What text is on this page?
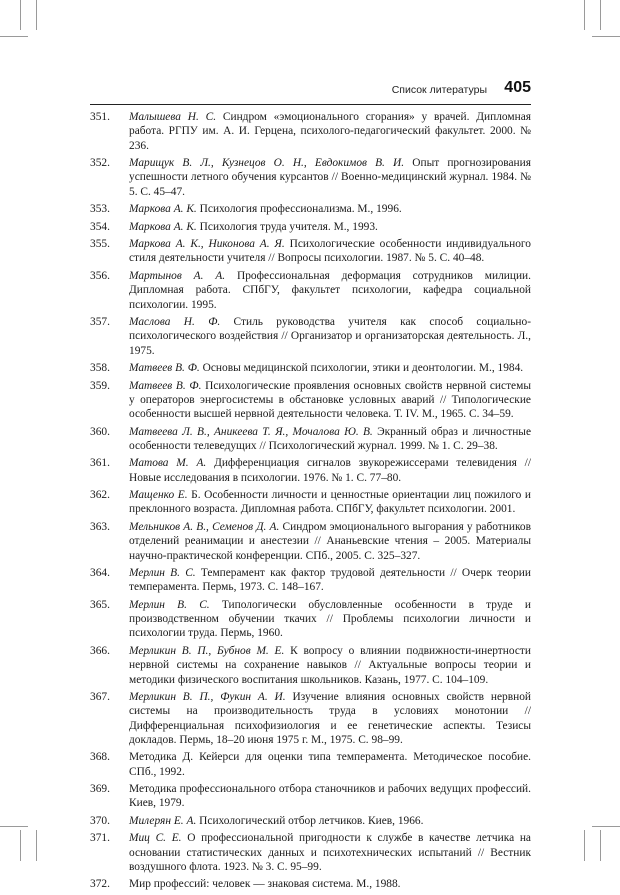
Список литературы 405
351. Малышева Н. С. Синдром «эмоционального сгорания» у врачей. Дипломная работа. РГПУ им. А. И. Герцена, психолого-педагогический факультет. 2000. № 236.
352. Марищук В. Л., Кузнецов О. Н., Евдокимов В. И. Опыт прогнозирования успешности летного обучения курсантов // Военно-медицинский журнал. 1984. № 5. С. 45–47.
353. Маркова А. К. Психология профессионализма. М., 1996.
354. Маркова А. К. Психология труда учителя. М., 1993.
355. Маркова А. К., Никонова А. Я. Психологические особенности индивидуального стиля деятельности учителя // Вопросы психологии. 1987. № 5. С. 40–48.
356. Мартынов А. А. Профессиональная деформация сотрудников милиции. Дипломная работа. СПбГУ, факультет психологии, кафедра социальной психологии. 1995.
357. Маслова Н. Ф. Стиль руководства учителя как способ социально-психологического воздействия // Организатор и организаторская деятельность. Л., 1975.
358. Матвеев В. Ф. Основы медицинской психологии, этики и деонтологии. М., 1984.
359. Матвеев В. Ф. Психологические проявления основных свойств нервной системы у операторов энергосистемы в обстановке условных аварий // Типологические особенности высшей нервной деятельности человека. Т. IV. М., 1965. С. 34–59.
360. Матвеева Л. В., Аникеева Т. Я., Мочалова Ю. В. Экранный образ и личностные особенности телеведущих // Психологический журнал. 1999. № 1. С. 29–38.
361. Матова М. А. Дифференциация сигналов звукорежиссерами телевидения // Новые исследования в психологии. 1976. № 1. С. 77–80.
362. Мащенко Е. Б. Особенности личности и ценностные ориентации лиц пожилого и преклонного возраста. Дипломная работа. СПбГУ, факультет психологии. 2001.
363. Мельников А. В., Семенов Д. А. Синдром эмоционального выгорания у работников отделений реанимации и анестезии // Ананьевские чтения – 2005. Материалы научно-практической конференции. СПб., 2005. С. 325–327.
364. Мерлин В. С. Темперамент как фактор трудовой деятельности // Очерк теории темперамента. Пермь, 1973. С. 148–167.
365. Мерлин В. С. Типологически обусловленные особенности в труде и производственном обучении ткачих // Проблемы психологии личности и психологии труда. Пермь, 1960.
366. Мерликин В. П., Бубнов М. Е. К вопросу о влиянии подвижности-инертности нервной системы на сохранение навыков // Актуальные вопросы теории и методики физического воспитания школьников. Казань, 1977. С. 104–109.
367. Мерликин В. П., Фукин А. И. Изучение влияния основных свойств нервной системы на производительность труда в условиях монотонии // Дифференциальная психофизиология и ее генетические аспекты. Тезисы докладов. Пермь, 18–20 июня 1975 г. М., 1975. С. 98–99.
368. Методика Д. Кейерси для оценки типа темперамента. Методическое пособие. СПб., 1992.
369. Методика профессионального отбора станочников и рабочих ведущих профессий. Киев, 1979.
370. Милерян Е. А. Психологический отбор летчиков. Киев, 1966.
371. Миц С. Е. О профессиональной пригодности к службе в качестве летчика на основании статистических данных и психотехнических испытаний // Вестник воздушного флота. 1923. № 3. С. 95–99.
372. Мир профессий: человек — знаковая система. М., 1988.
